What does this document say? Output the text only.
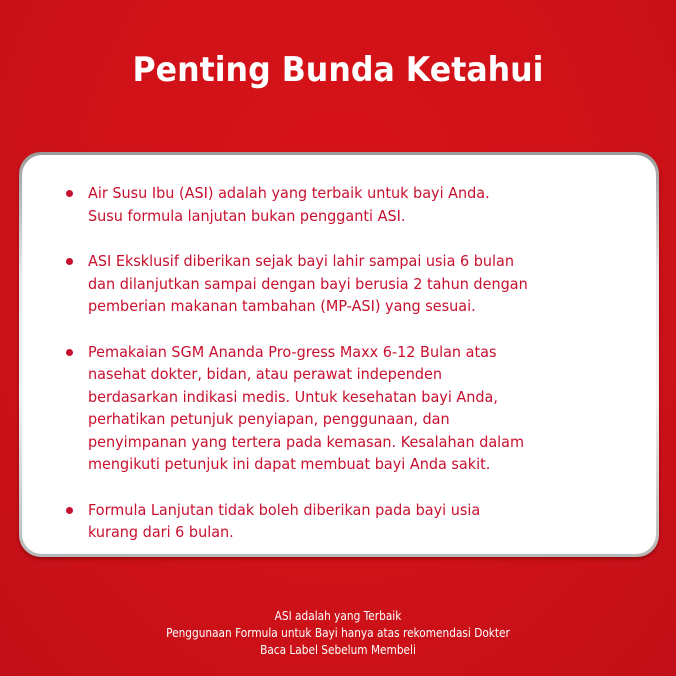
Penting Bunda Ketahui
Air Susu Ibu (ASI) adalah yang terbaik untuk bayi Anda.
Susu formula lanjutan bukan pengganti ASI.
ASI Eksklusif diberikan sejak bayi lahir sampai usia 6 bulan
dan dilanjutkan sampai dengan bayi berusia 2 tahun dengan
pemberian makanan tambahan (MP-ASI) yang sesuai.
Pemakaian SGM Ananda Pro-gress Maxx 6-12 Bulan atas
nasehat dokter, bidan, atau perawat independen
berdasarkan indikasi medis. Untuk kesehatan bayi Anda,
perhatikan petunjuk penyiapan, penggunaan, dan
penyimpanan yang tertera pada kemasan. Kesalahan dalam
mengikuti petunjuk ini dapat membuat bayi Anda sakit.
Formula Lanjutan tidak boleh diberikan pada bayi usia
kurang dari 6 bulan.
ASI adalah yang Terbaik
Penggunaan Formula untuk Bayi hanya atas rekomendasi Dokter
Baca Label Sebelum Membeli
